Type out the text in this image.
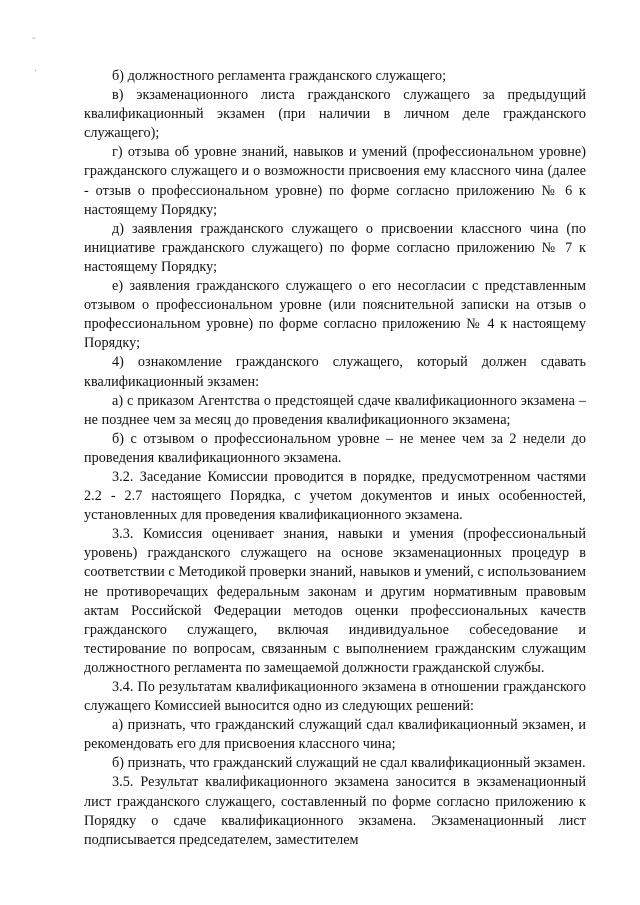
-
.	б) должностного регламента гражданского служащего;

в) экзаменационного листа гражданского служащего за предыдущий квалификационный экзамен (при наличии в личном деле гражданского служащего);

г) отзыва об уровне знаний, навыков и умений (профессиональном уровне) гражданского служащего и о возможности присвоения ему классного чина (далее - отзыв о профессиональном уровне) по форме согласно приложению № 6 к настоящему Порядку;

д) заявления гражданского служащего о присвоении классного чина (по инициативе гражданского служащего) по форме согласно приложению № 7 к настоящему Порядку;

е) заявления гражданского служащего о его несогласии с представленным отзывом о профессиональном уровне (или пояснительной записки на отзыв о профессиональном уровне) по форме согласно приложению № 4 к настоящему Порядку;

4) ознакомление гражданского служащего, который должен сдавать квалификационный экзамен:

а) с приказом Агентства о предстоящей сдаче квалификационного экзамена – не позднее чем за месяц до проведения квалификационного экзамена;

б) с отзывом о профессиональном уровне – не менее чем за 2 недели до проведения квалификационного экзамена.

3.2. Заседание Комиссии проводится в порядке, предусмотренном частями 2.2 - 2.7 настоящего Порядка, с учетом документов и иных особенностей, установленных для проведения квалификационного экзамена.

3.3. Комиссия оценивает знания, навыки и умения (профессиональный уровень) гражданского служащего на основе экзаменационных процедур в соответствии с Методикой проверки знаний, навыков и умений, с использованием не противоречащих федеральным законам и другим нормативным правовым актам Российской Федерации методов оценки профессиональных качеств гражданского служащего, включая индивидуальное собеседование и тестирование по вопросам, связанным с выполнением гражданским служащим должностного регламента по замещаемой должности гражданской службы.

3.4. По результатам квалификационного экзамена в отношении гражданского служащего Комиссией выносится одно из следующих решений:

а) признать, что гражданский служащий сдал квалификационный экзамен, и рекомендовать его для присвоения классного чина;

б) признать, что гражданский служащий не сдал квалификационный экзамен.

3.5. Результат квалификационного экзамена заносится в экзаменационный лист гражданского служащего, составленный по форме согласно приложению к Порядку о сдаче квалификационного экзамена. Экзаменационный лист подписывается председателем, заместителем
